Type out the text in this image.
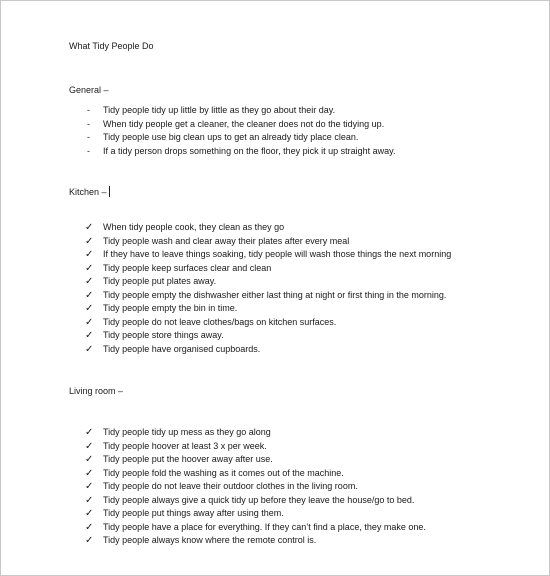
What Tidy People Do

General –

-	Tidy people tidy up little by little as they go about their day.
-	When tidy people get a cleaner, the cleaner does not do the tidying up.
-	Tidy people use big clean ups to get an already tidy place clean.
-	If a tidy person drops something on the floor, they pick it up straight away.

Kitchen –

✓	When tidy people cook, they clean as they go
✓	Tidy people wash and clear away their plates after every meal
✓	If they have to leave things soaking, tidy people will wash those things the next morning
✓	Tidy people keep surfaces clear and clean
✓	Tidy people put plates away.
✓	Tidy people empty the dishwasher either last thing at night or first thing in the morning.
✓	Tidy people empty the bin in time.
✓	Tidy people do not leave clothes/bags on kitchen surfaces.
✓	Tidy people store things away.
✓	Tidy people have organised cupboards.

Living room –

✓	Tidy people tidy up mess as they go along
✓	Tidy people hoover at least 3 x per week.
✓	Tidy people put the hoover away after use.
✓	Tidy people fold the washing as it comes out of the machine.
✓	Tidy people do not leave their outdoor clothes in the living room.
✓	Tidy people always give a quick tidy up before they leave the house/go to bed.
✓	Tidy people put things away after using them.
✓	Tidy people have a place for everything. If they can’t find a place, they make one.
✓	Tidy people always know where the remote control is.
